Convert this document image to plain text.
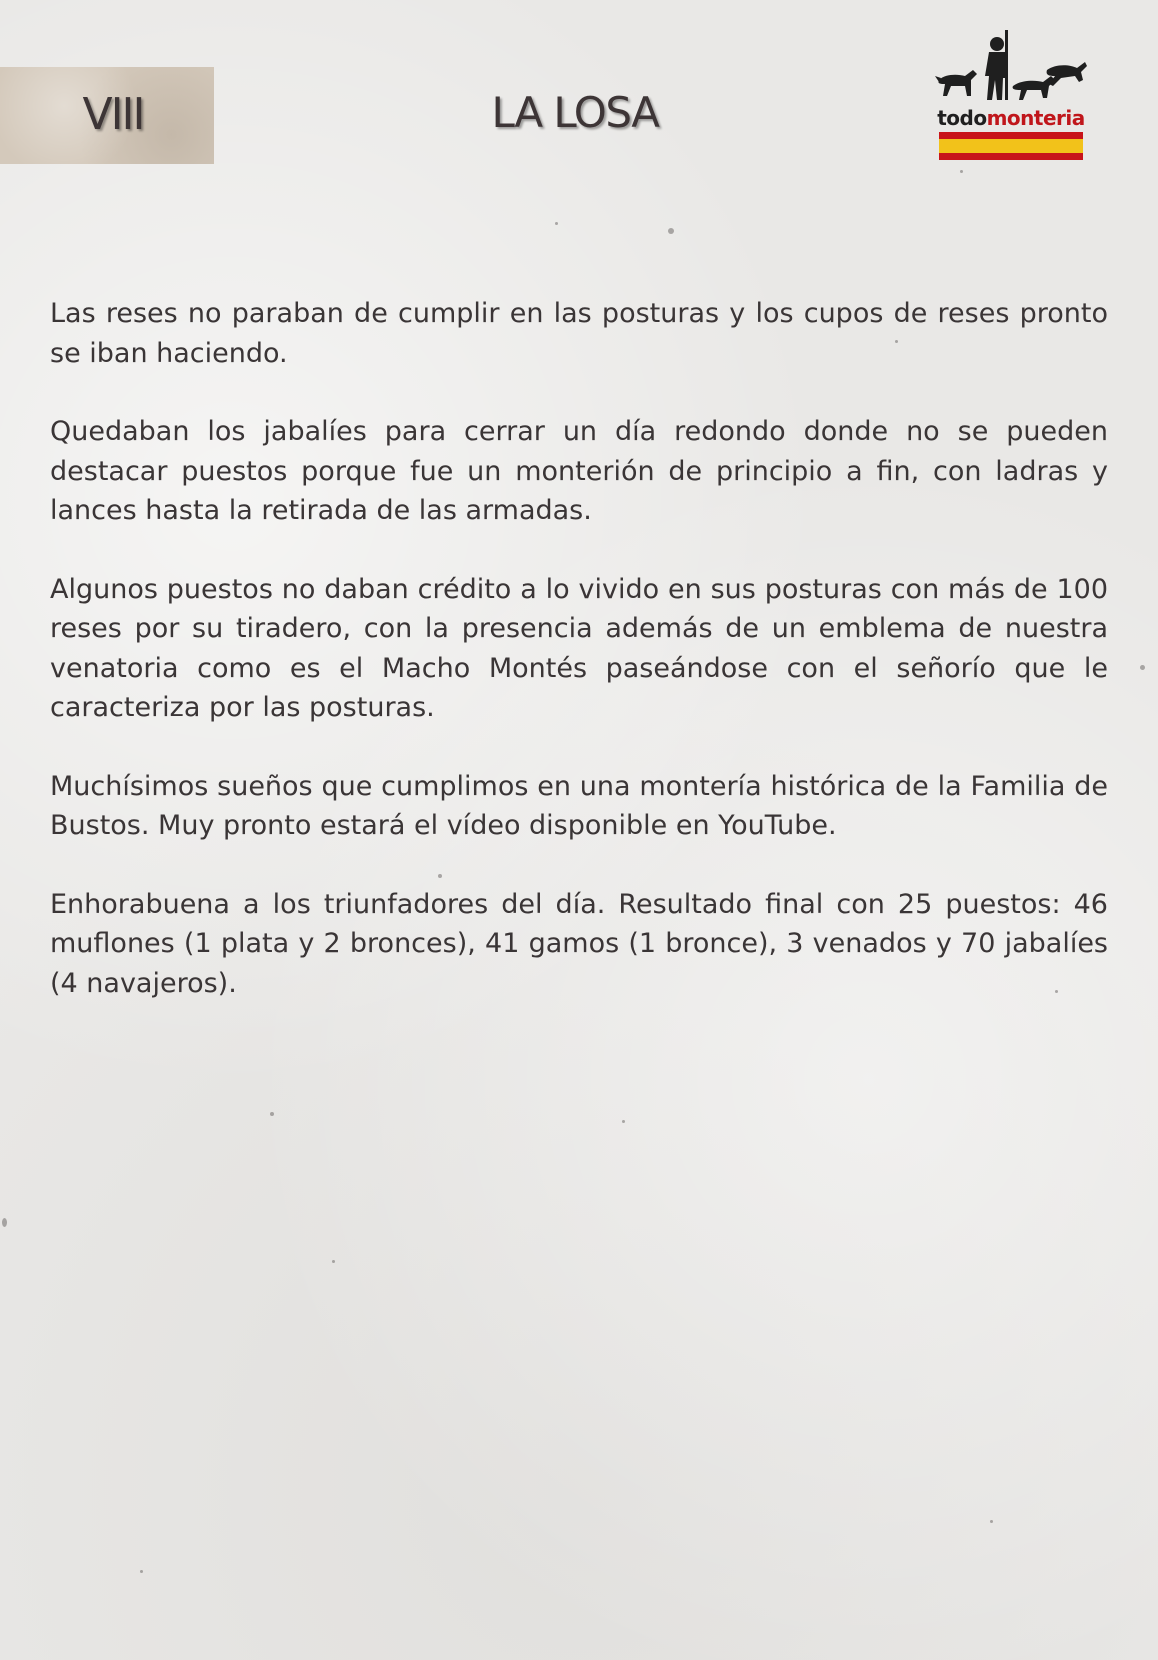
VIII	LA LOSA	todomonteria

Las reses no paraban de cumplir en las posturas y los cupos de reses pronto se iban haciendo.

Quedaban los jabalíes para cerrar un día redondo donde no se pueden destacar puestos porque fue un monterión de principio a fin, con ladras y lances hasta la retirada de las armadas.

Algunos puestos no daban crédito a lo vivido en sus posturas con más de 100 reses por su tiradero, con la presencia además de un emblema de nuestra venatoria como es el Macho Montés paseándose con el señorío que le caracteriza por las posturas.

Muchísimos sueños que cumplimos en una montería histórica de la Familia de Bustos. Muy pronto estará el vídeo disponible en YouTube.

Enhorabuena a los triunfadores del día. Resultado final con 25 puestos: 46 muflones (1 plata y 2 bronces), 41 gamos (1 bronce), 3 venados y 70 jabalíes (4 navajeros).
